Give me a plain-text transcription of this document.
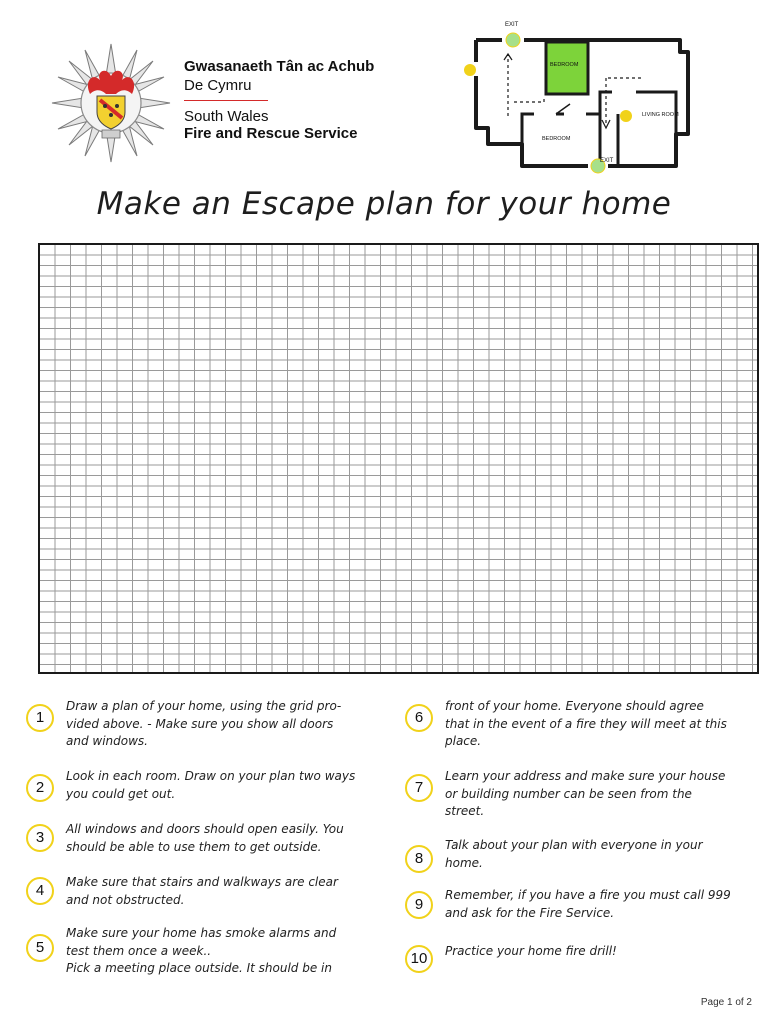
Gwasanaeth Tân ac Achub
De Cymru
South Wales
Fire and Rescue Service
EXIT
EXIT
BEDROOM
BEDROOM
LIVING ROOM
Make an Escape plan for your home
1
Draw a plan of your home, using the grid pro-
vided above. - Make sure you show all doors
and windows.
2
Look in each room. Draw on your plan two ways
you could get out.
3	All windows and doors should open easily. You
should be able to use them to get outside.
4	Make sure that stairs and walkways are clear
and not obstructed.
5
Make sure your home has smoke alarms and
test them once a week..
Pick a meeting place outside. It should be in
6
front of your home. Everyone should agree
that in the event of a fire they will meet at this
place.
7
Learn your address and make sure your house
or building number can be seen from the
street.
8
Talk about your plan with everyone in your
home.
9
Remember, if you have a fire you must call 999
and ask for the Fire Service.
10	Practice your home fire drill!
Page 1 of 2
